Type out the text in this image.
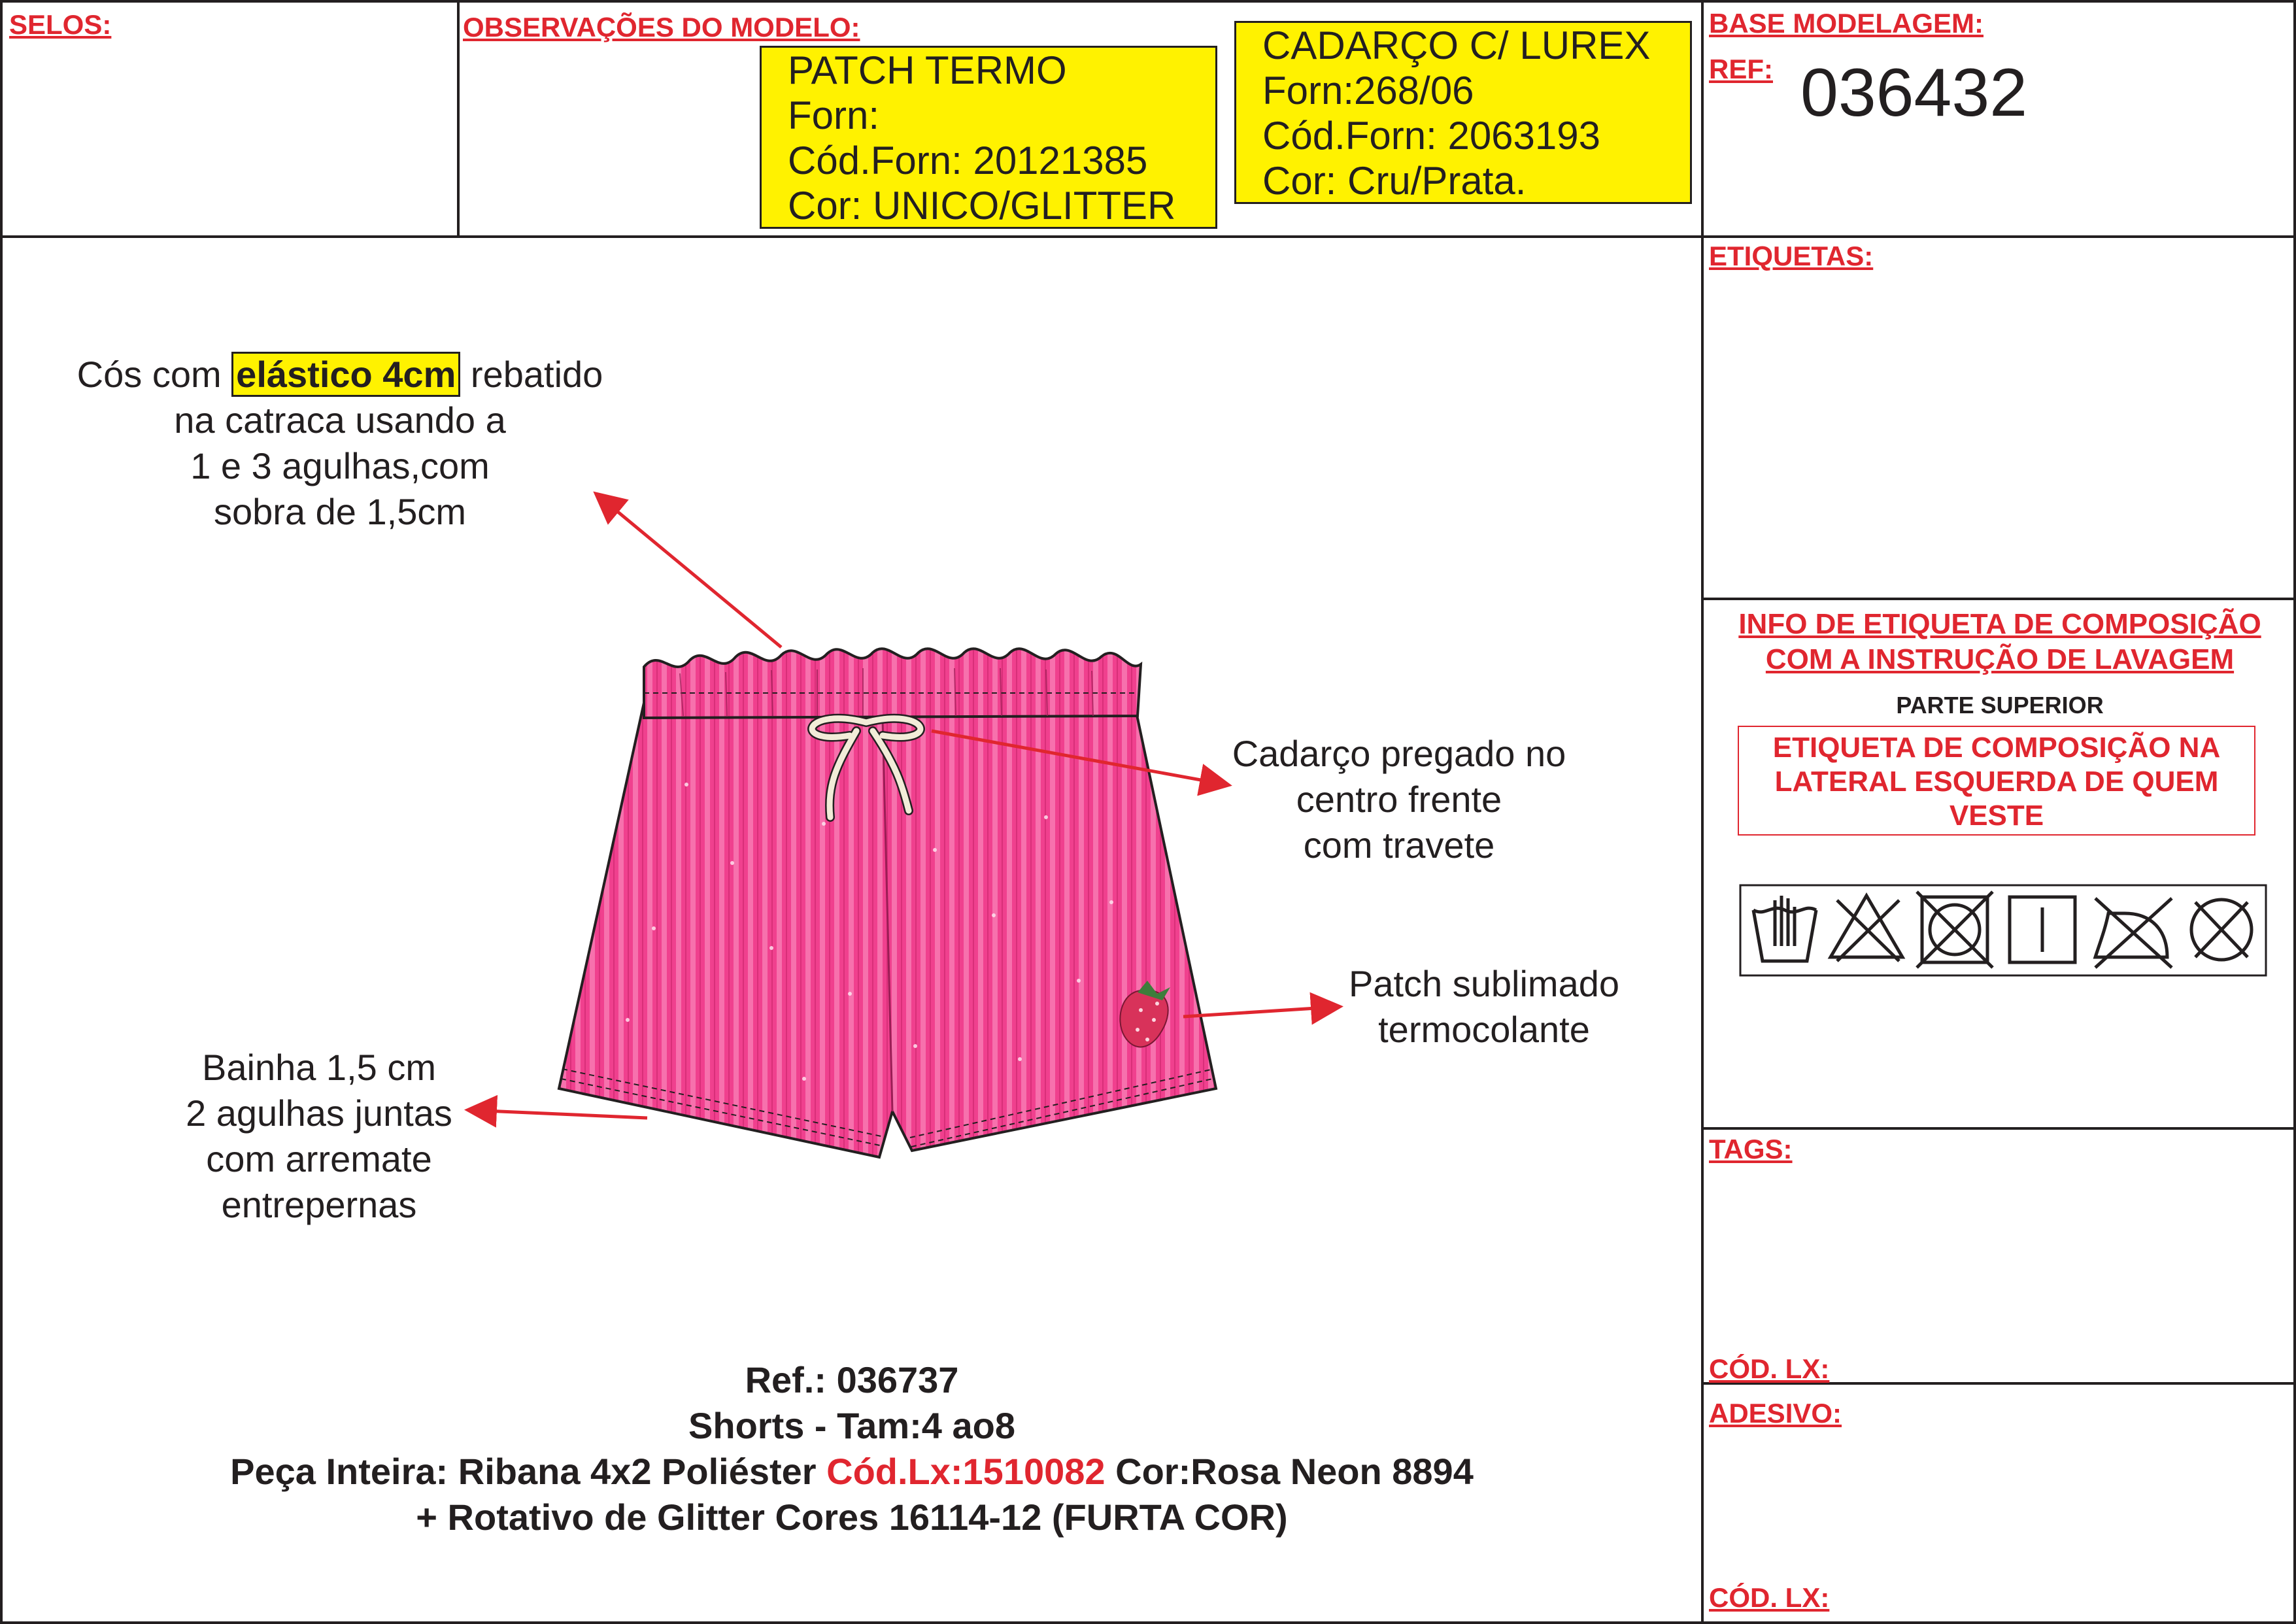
SELOS:	OBSERVAÇÕES DO MODELO:	BASE MODELAGEM:
REF: 036432
ETIQUETAS:
TAGS:
CÓD. LX:
ADESIVO:
CÓD. LX:
PATCH TERMO
Forn:
Cód.Forn: 20121385
Cor: UNICO/GLITTER
CADARÇO C/ LUREX
Forn:268/06
Cód.Forn: 2063193
Cor: Cru/Prata.
Cós com elástico 4cm rebatido
na catraca usando a
1 e 3 agulhas,com
sobra de 1,5cm
Cadarço pregado no
centro frente
com travete
Patch sublimado
termocolante
Bainha 1,5 cm
2 agulhas juntas
com arremate
entrepernas
INFO DE ETIQUETA DE COMPOSIÇÃO
COM A INSTRUÇÃO DE LAVAGEM
PARTE SUPERIOR
ETIQUETA DE COMPOSIÇÃO NA
LATERAL ESQUERDA DE QUEM
VESTE
Ref.: 036737
Shorts - Tam:4 ao8
Peça Inteira: Ribana 4x2 Poliéster Cód.Lx:1510082 Cor:Rosa Neon 8894
+ Rotativo de Glitter Cores 16114-12 (FURTA COR)
